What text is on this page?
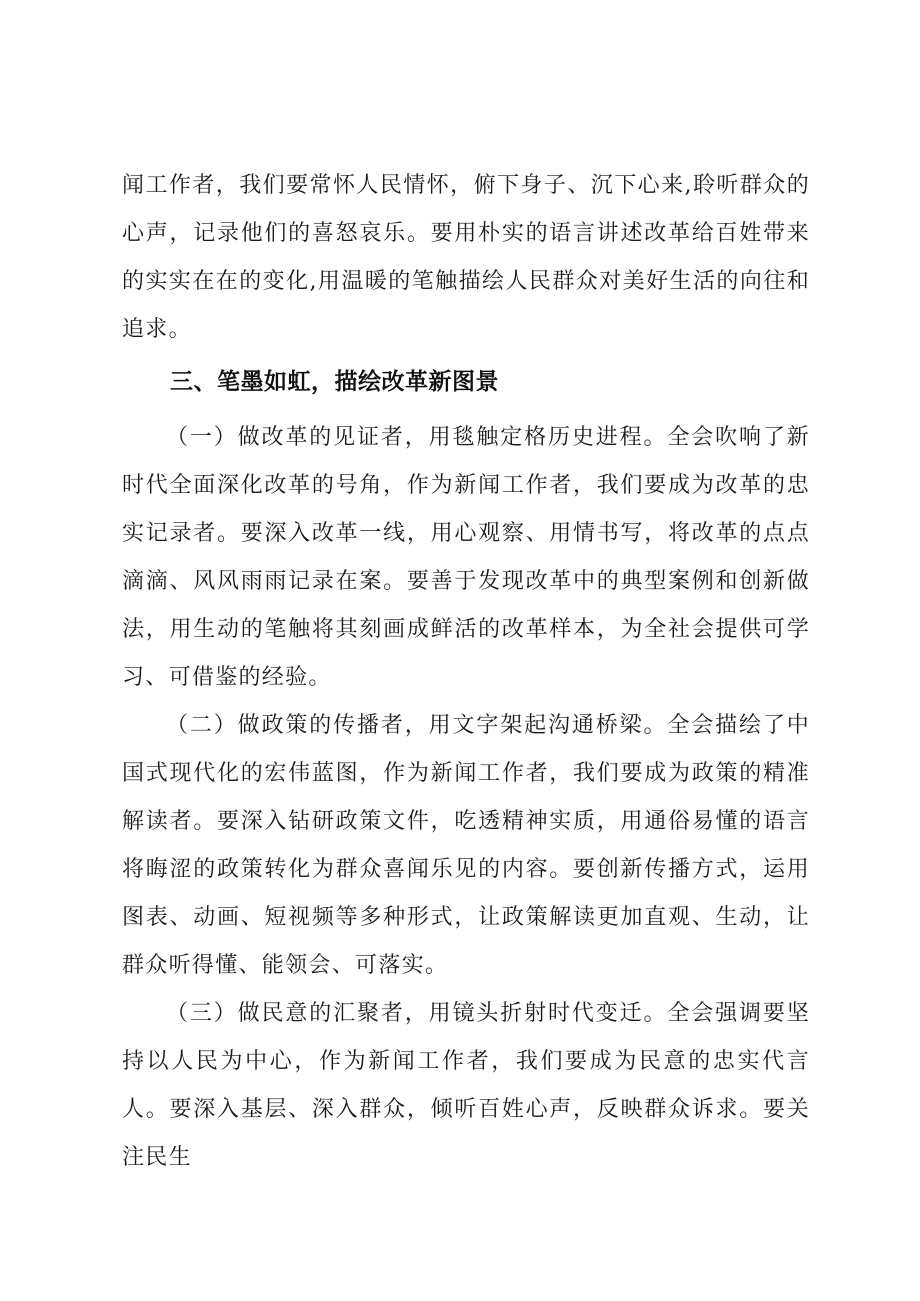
闻工作者，我们要常怀人民情怀，俯下身子、沉下心来,聆听群众的心声，记录他们的喜怒哀乐。要用朴实的语言讲述改革给百姓带来的实实在在的变化,用温暖的笔触描绘人民群众对美好生活的向往和追求。

三、笔墨如虹，描绘改革新图景

（一）做改革的见证者，用毯触定格历史进程。全会吹响了新时代全面深化改革的号角，作为新闻工作者，我们要成为改革的忠实记录者。要深入改革一线，用心观察、用情书写，将改革的点点滴滴、风风雨雨记录在案。要善于发现改革中的典型案例和创新做法，用生动的笔触将其刻画成鲜活的改革样本，为全社会提供可学习、可借鉴的经验。

（二）做政策的传播者，用文字架起沟通桥梁。全会描绘了中国式现代化的宏伟蓝图，作为新闻工作者，我们要成为政策的精准解读者。要深入钻研政策文件，吃透精神实质，用通俗易懂的语言将晦涩的政策转化为群众喜闻乐见的内容。要创新传播方式，运用图表、动画、短视频等多种形式，让政策解读更加直观、生动，让群众听得懂、能领会、可落实。

（三）做民意的汇聚者，用镜头折射时代变迁。全会强调要坚持以人民为中心，作为新闻工作者，我们要成为民意的忠实代言人。要深入基层、深入群众，倾听百姓心声，反映群众诉求。要关注民生
